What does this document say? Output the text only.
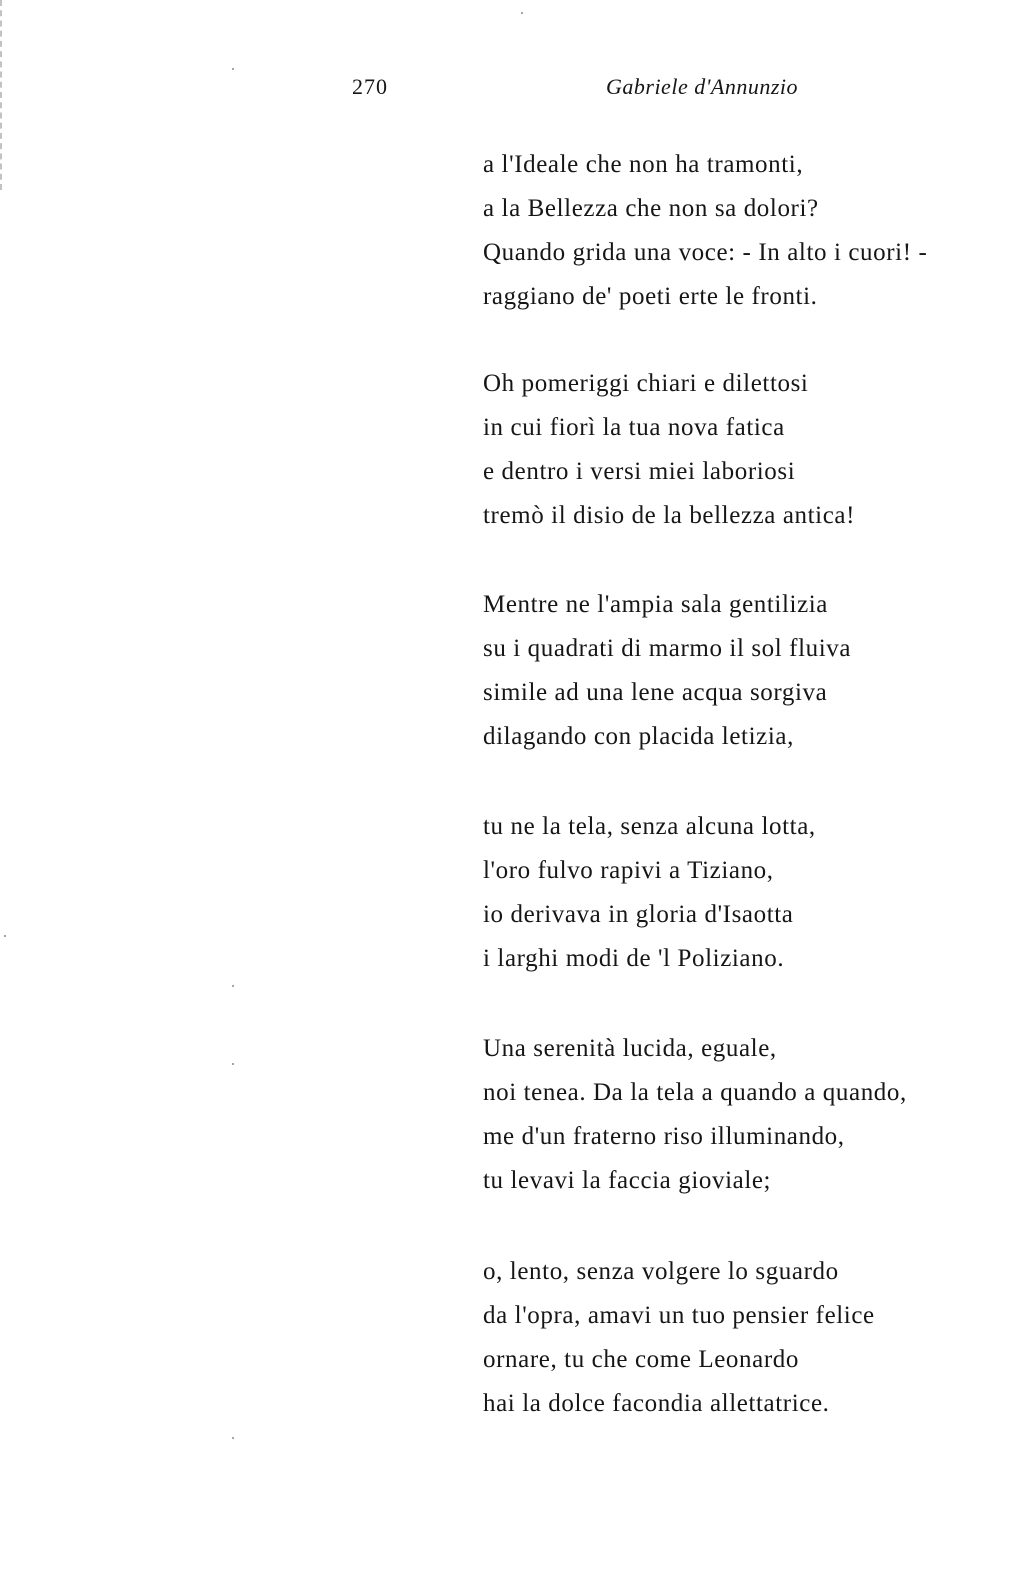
270	Gabriele d'Annunzio
a l'Ideale che non ha tramonti,
a la Bellezza che non sa dolori?
Quando grida una voce: - In alto i cuori! -
raggiano de' poeti erte le fronti.
Oh pomeriggi chiari e dilettosi
in cui fiorì la tua nova fatica
e dentro i versi miei laboriosi
tremò il disio de la bellezza antica!
Mentre ne l'ampia sala gentilizia
su i quadrati di marmo il sol fluiva
simile ad una lene acqua sorgiva
dilagando con placida letizia,
tu ne la tela, senza alcuna lotta,
l'oro fulvo rapivi a Tiziano,
io derivava in gloria d'Isaotta
i larghi modi de 'l Poliziano.
Una serenità lucida, eguale,
noi tenea. Da la tela a quando a quando,
me d'un fraterno riso illuminando,
tu levavi la faccia gioviale;
o, lento, senza volgere lo sguardo
da l'opra, amavi un tuo pensier felice
ornare, tu che come Leonardo
hai la dolce facondia allettatrice.
